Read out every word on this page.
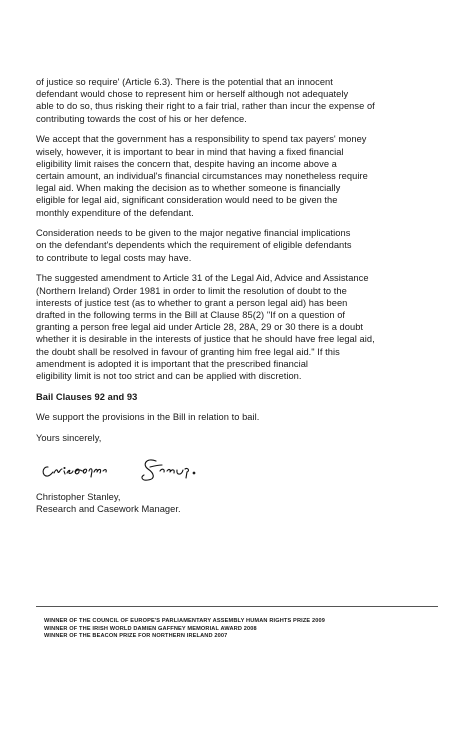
of justice so require' (Article 6.3). There is the potential that an innocent
defendant would chose to represent him or herself although not adequately
able to do so, thus risking their right to a fair trial, rather than incur the expense of
contributing towards the cost of his or her defence.

We accept that the government has a responsibility to spend tax payers' money
wisely, however, it is important to bear in mind that having a fixed financial
eligibility limit raises the concern that, despite having an income above a
certain amount, an individual's financial circumstances may nonetheless require
legal aid. When making the decision as to whether someone is financially
eligible for legal aid, significant consideration would need to be given the
monthly expenditure of the defendant.

Consideration needs to be given to the major negative financial implications
on the defendant's dependents which the requirement of eligible defendants
to contribute to legal costs may have.

The suggested amendment to Article 31 of the Legal Aid, Advice and Assistance
(Northern Ireland) Order 1981 in order to limit the resolution of doubt to the
interests of justice test (as to whether to grant a person legal aid) has been
drafted in the following terms in the Bill at Clause 85(2) "If on a question of
granting a person free legal aid under Article 28, 28A, 29 or 30 there is a doubt
whether it is desirable in the interests of justice that he should have free legal aid,
the doubt shall be resolved in favour of granting him free legal aid." If this
amendment is adopted it is important that the prescribed financial
eligibility limit is not too strict and can be applied with discretion.

Bail Clauses 92 and 93

We support the provisions in the Bill in relation to bail.

Yours sincerely,

Christopher Stanley,

Research and Casework Manager.

WINNER OF THE COUNCIL OF EUROPE'S PARLIAMENTARY ASSEMBLY HUMAN RIGHTS PRIZE 2009
WINNER OF THE IRISH WORLD DAMIEN GAFFNEY MEMORIAL AWARD 2008
WINNER OF THE BEACON PRIZE FOR NORTHERN IRELAND 2007
